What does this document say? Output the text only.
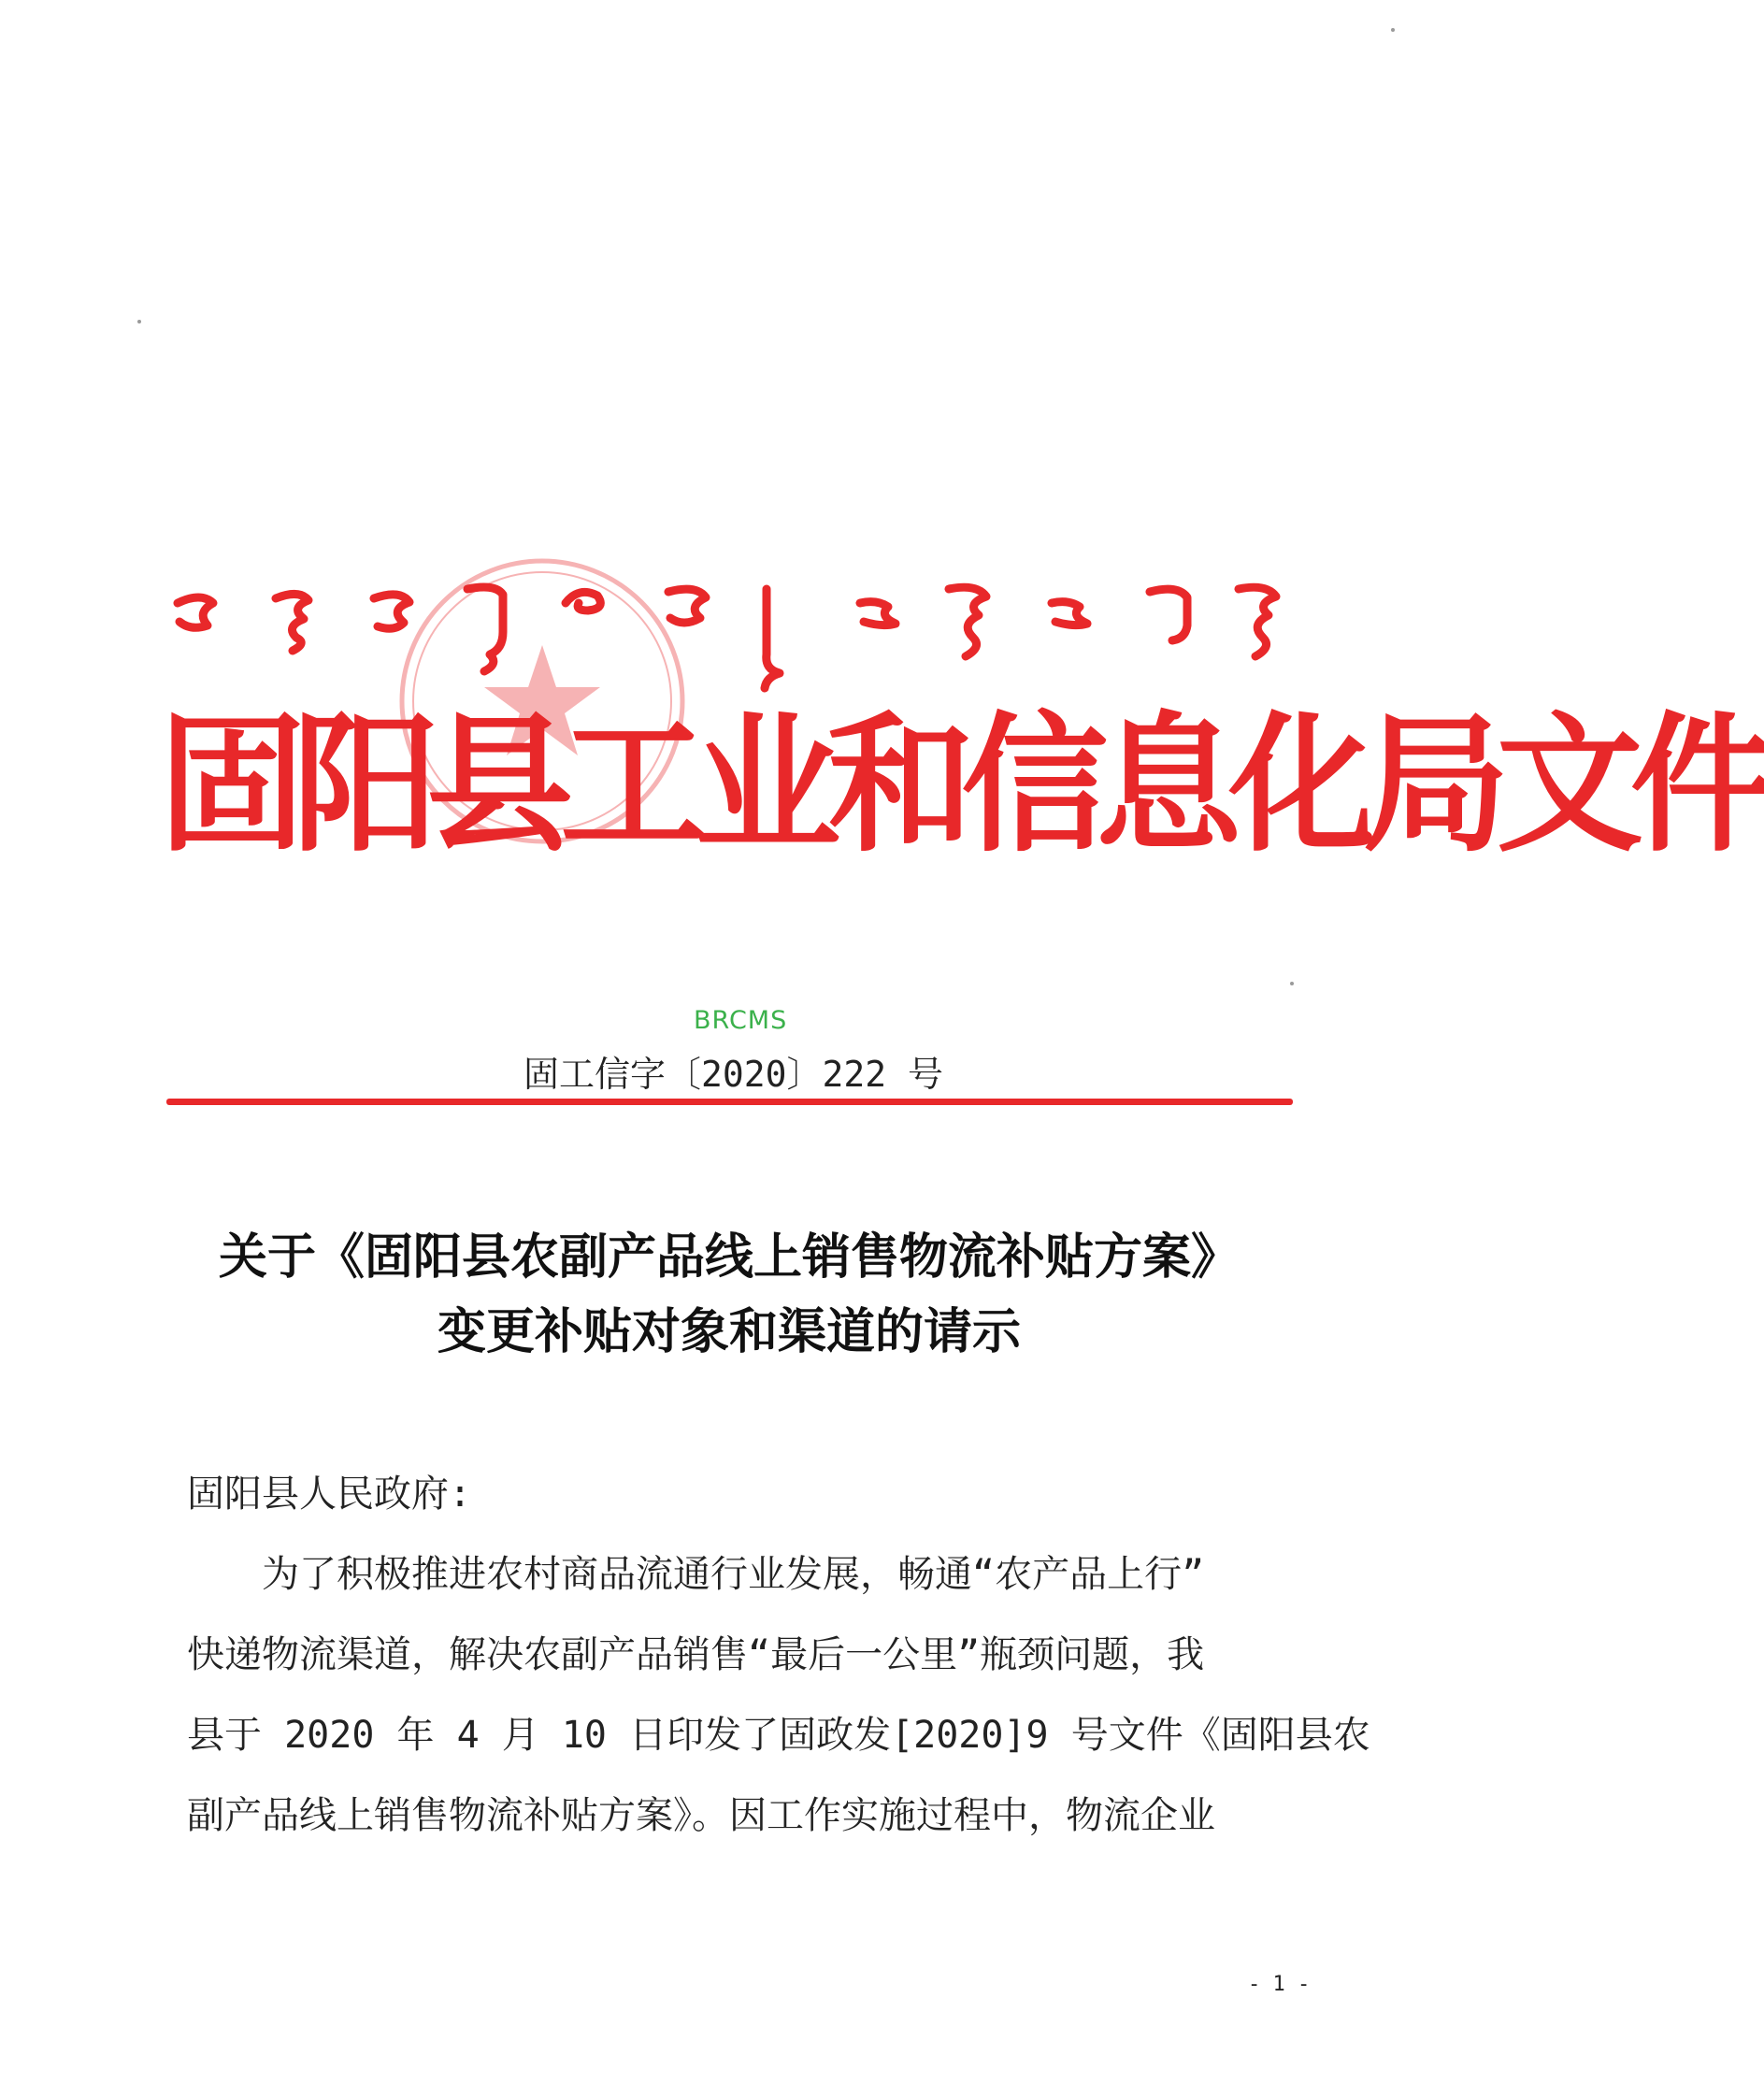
固阳县工业和信息化局文件
BRCMS
固工信字〔2020〕222 号
关于《固阳县农副产品线上销售物流补贴方案》
变更补贴对象和渠道的请示
固阳县人民政府:
　　为了积极推进农村商品流通行业发展，畅通“农产品上行”
快递物流渠道，解决农副产品销售“最后一公里”瓶颈问题，我
县于 2020 年 4 月 10 日印发了固政发[2020]9 号文件《固阳县农
副产品线上销售物流补贴方案》。因工作实施过程中，物流企业
- 1 -
